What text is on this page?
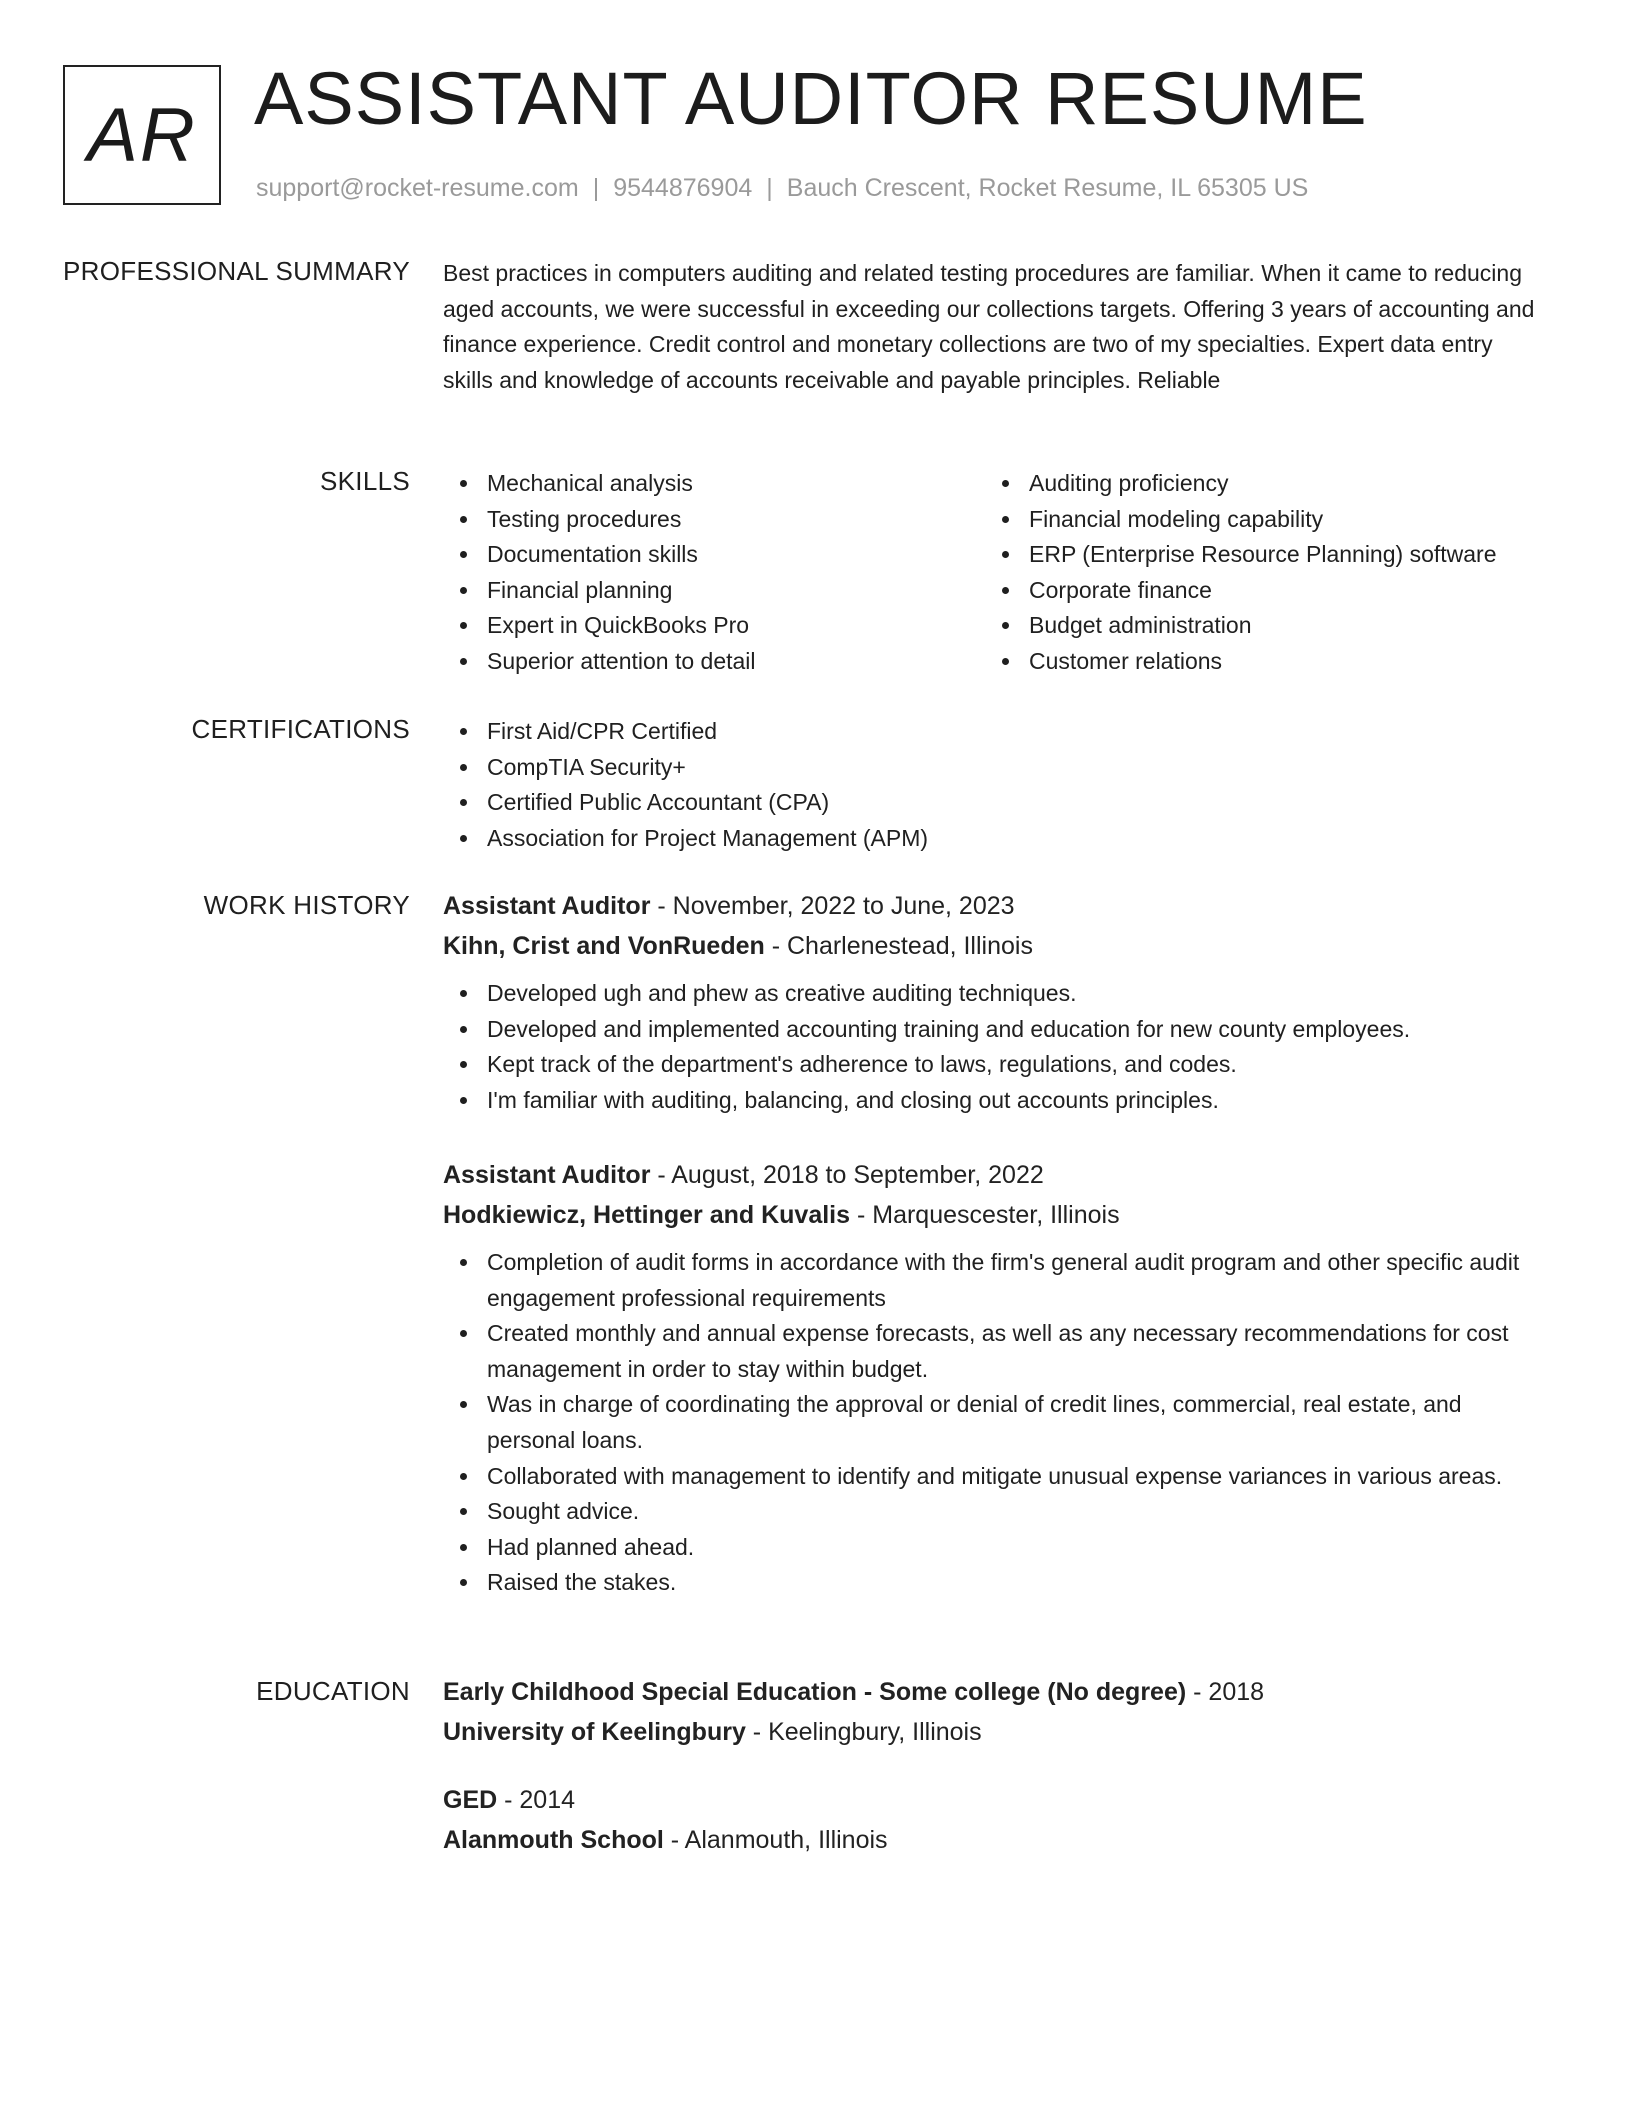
AR ASSISTANT AUDITOR RESUME
support@rocket-resume.com | 9544876904 | Bauch Crescent, Rocket Resume, IL 65305 US
PROFESSIONAL SUMMARY Best practices in computers auditing and related testing procedures are familiar. When it came to reducing aged accounts, we were successful in exceeding our collections targets. Offering 3 years of accounting and finance experience. Credit control and monetary collections are two of my specialties. Expert data entry skills and knowledge of accounts receivable and payable principles. Reliable

SKILLS	Mechanical analysis
Testing procedures
Documentation skills
Financial planning
Expert in QuickBooks Pro
Superior attention to detail
Auditing proficiency
Financial modeling capability
ERP (Enterprise Resource Planning) software
Corporate finance
Budget administration
Customer relations
CERTIFICATIONS	First Aid/CPR Certified
CompTIA Security+
Certified Public Accountant (CPA)
Association for Project Management (APM)
WORK HISTORY Assistant Auditor - November, 2022 to June, 2023
Kihn, Crist and VonRueden - Charlenestead, Illinois
Developed ugh and phew as creative auditing techniques.
Developed and implemented accounting training and education for new county employees.
Kept track of the department's adherence to laws, regulations, and codes.
I'm familiar with auditing, balancing, and closing out accounts principles.
Assistant Auditor - August, 2018 to September, 2022
Hodkiewicz, Hettinger and Kuvalis - Marquescester, Illinois
Completion of audit forms in accordance with the firm's general audit program and other specific audit engagement professional requirements
Created monthly and annual expense forecasts, as well as any necessary recommendations for cost management in order to stay within budget.
Was in charge of coordinating the approval or denial of credit lines, commercial, real estate, and personal loans.
Collaborated with management to identify and mitigate unusual expense variances in various areas.
Sought advice.
Had planned ahead.
Raised the stakes.
EDUCATION Early Childhood Special Education - Some college (No degree) - 2018
University of Keelingbury - Keelingbury, Illinois
GED - 2014
Alanmouth School - Alanmouth, Illinois
